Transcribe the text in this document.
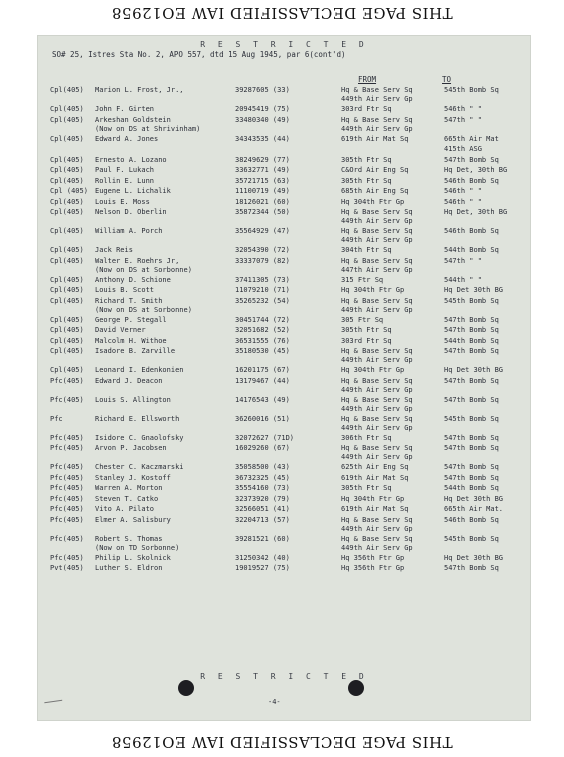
THIS PAGE DECLASSIFIED IAW EO12958
R E S T R I C T E D
SO# 25, Istres Sta No. 2, APO 557, dtd 15 Aug 1945, par 6(cont'd)
FROM	TO
Cpl(405)	Marion L. Frost, Jr.,	39287605 (33)	Hq & Base Serv Sq	545th Bomb Sq
449th Air Serv Gp
Cpl(405)	John F. Girten	20945419 (75)	303rd Ftr Sq	546th " "
Cpl(405)	Arkeshan Goldstein	33480340 (49)	Hq & Base Serv Sq	547th " "
449th Air Serv Gp
(Now on DS at Shrivinham)
Cpl(405)	Edward A. Jones	34343535 (44)	619th Air Mat Sq	665th Air Mat
415th ASG
Cpl(405)	Ernesto A. Lozano	38249629 (77)	305th Ftr Sq	547th Bomb Sq
Cpl(405)	Paul F. Lukach	33632771 (49)	C&Ord Air Eng Sq	Hq Det, 30th BG
Cpl(405)	Rollin E. Lunn	35721715 (63)	305th Ftr Sq	546th Bomb Sq
Cpl (405)	Eugene L. Lichalik	11100719 (49)	685th Air Eng Sq	546th " "
Cpl(405)	Louis E. Moss	18126021 (60)	Hq 304th Ftr Gp	546th " "
Cpl(405)	Nelson D. Oberlin	35872344 (50)	Hq & Base Serv Sq	Hq Det, 30th BG
449th Air Serv Gp
Cpl(405)	William A. Porch	35564929 (47)	Hq & Base Serv Sq	546th Bomb Sq
449th Air Serv Gp
Cpl(405)	Jack Reis	32054390 (72)	304th Ftr Sq	544th Bomb Sq
Cpl(405)	Walter E. Roehrs Jr,	33337079 (82)	Hq & Base Serv Sq	547th " "
447th Air Serv Gp
(Now on DS at Sorbonne)
Cpl(405)	Anthony D. Schione	37411305 (73)	315 Ftr Sq	544th " "
Cpl(405)	Louis B. Scott	11079210 (71)	Hq 304th Ftr Gp	Hq Det 30th BG
Cpl(405)	Richard T. Smith	35265232 (54)	Hq & Base Serv Sq	545th Bomb Sq
449th Air Serv Gp
(Now on DS at Sorbonne)
Cpl(405)	George P. Stegall	30451744 (72)	305 Ftr Sq	547th Bomb Sq
Cpl(405)	David Verner	32051682 (52)	305th Ftr Sq	547th Bomb Sq
Cpl(405)	Malcolm H. Withoe	36531555 (76)	303rd Ftr Sq	544th Bomb Sq
Cpl(405)	Isadore B. Zarville	35180530 (45)	Hq & Base Serv Sq	547th Bomb Sq
449th Air Serv Gp
Cpl(405)	Leonard I. Edenkonien	16201175 (67)	Hq 304th Ftr Gp	Hq Det 30th BG
Pfc(405)	Edward J. Deacon	13179467 (44)	Hq & Base Serv Sq	547th Bomb Sq
449th Air Serv Gp
Pfc(405)	Louis S. Allington	14176543 (49)	Hq & Base Serv Sq	547th Bomb Sq
449th Air Serv Gp
Pfc	Richard E. Ellsworth	36260016 (51)	Hq & Base Serv Sq	545th Bomb Sq
449th Air Serv Gp
Pfc(405)	Isidore C. Gnaolofsky	32072627 (71D)	306th Ftr Sq	547th Bomb Sq
Pfc(405)	Arvon P. Jacobsen	16029260 (67)	Hq & Base Serv Sq	547th Bomb Sq
449th Air Serv Gp
Pfc(405)	Chester C. Kaczmarski	35058500 (43)	625th Air Eng Sq	547th Bomb Sq
Pfc(405)	Stanley J. Kostoff	36732325 (45)	619th Air Mat Sq	547th Bomb Sq
Pfc(405)	Warren A. Morton	35554160 (73)	305th Ftr Sq	544th Bomb Sq
Pfc(405)	Steven T. Catko	32373920 (79)	Hq 304th Ftr Gp	Hq Det 30th BG
Pfc(405)	Vito A. Pilato	32566051 (41)	619th Air Mat Sq	665th Air Mat.
Pfc(405)	Elmer A. Salisbury	32204713 (57)	Hq & Base Serv Sq	546th Bomb Sq
449th Air Serv Gp
Pfc(405)	Robert S. Thomas	39281521 (60)	Hq & Base Serv Sq	545th Bomb Sq
449th Air Serv Gp
(Now on TD Sorbonne)
Pfc(405)	Philip L. Skolnick	31250342 (40)	Hq 356th Ftr Gp	Hq Det 30th BG
Pvt(405)	Luther S. Eldron	19019527 (75)	Hq 356th Ftr Gp	547th Bomb Sq
R E S T R I C T E D
-4-
THIS PAGE DECLASSIFIED IAW EO12958
